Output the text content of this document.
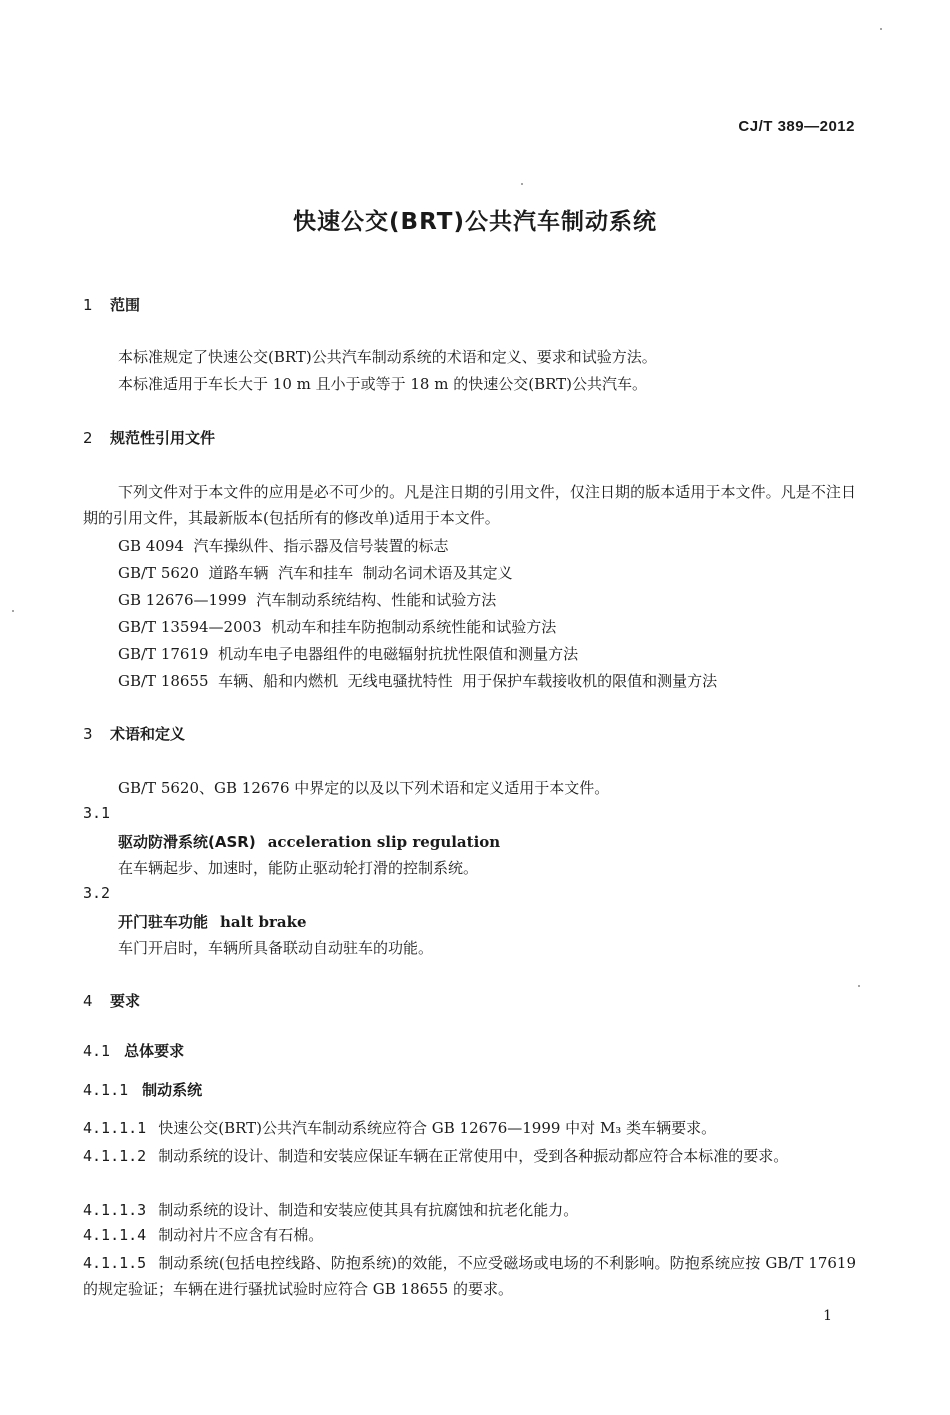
CJ/T 389—2012
快速公交(BRT)公共汽车制动系统
1 范围
本标准规定了快速公交(BRT)公共汽车制动系统的术语和定义、要求和试验方法。
本标准适用于车长大于 10 m 且小于或等于 18 m 的快速公交(BRT)公共汽车。
2 规范性引用文件
下列文件对于本文件的应用是必不可少的。凡是注日期的引用文件，仅注日期的版本适用于本文件。凡是不注日期的引用文件，其最新版本(包括所有的修改单)适用于本文件。
GB 4094  汽车操纵件、指示器及信号装置的标志
GB/T 5620  道路车辆  汽车和挂车  制动名词术语及其定义
GB 12676—1999  汽车制动系统结构、性能和试验方法
GB/T 13594—2003  机动车和挂车防抱制动系统性能和试验方法
GB/T 17619  机动车电子电器组件的电磁辐射抗扰性限值和测量方法
GB/T 18655  车辆、船和内燃机  无线电骚扰特性  用于保护车载接收机的限值和测量方法
3 术语和定义
GB/T 5620、GB 12676 中界定的以及以下列术语和定义适用于本文件。
3.1
驱动防滑系统(ASR) acceleration slip regulation
在车辆起步、加速时，能防止驱动轮打滑的控制系统。
3.2
开门驻车功能 halt brake
车门开启时，车辆所具备联动自动驻车的功能。
4 要求
4.1 总体要求
4.1.1 制动系统
4.1.1.1 快速公交(BRT)公共汽车制动系统应符合 GB 12676—1999 中对 M₃ 类车辆要求。
4.1.1.2 制动系统的设计、制造和安装应保证车辆在正常使用中，受到各种振动都应符合本标准的要求。
4.1.1.3 制动系统的设计、制造和安装应使其具有抗腐蚀和抗老化能力。
4.1.1.4 制动衬片不应含有石棉。
4.1.1.5 制动系统(包括电控线路、防抱系统)的效能，不应受磁场或电场的不利影响。防抱系统应按 GB/T 17619 的规定验证；车辆在进行骚扰试验时应符合 GB 18655 的要求。
1
